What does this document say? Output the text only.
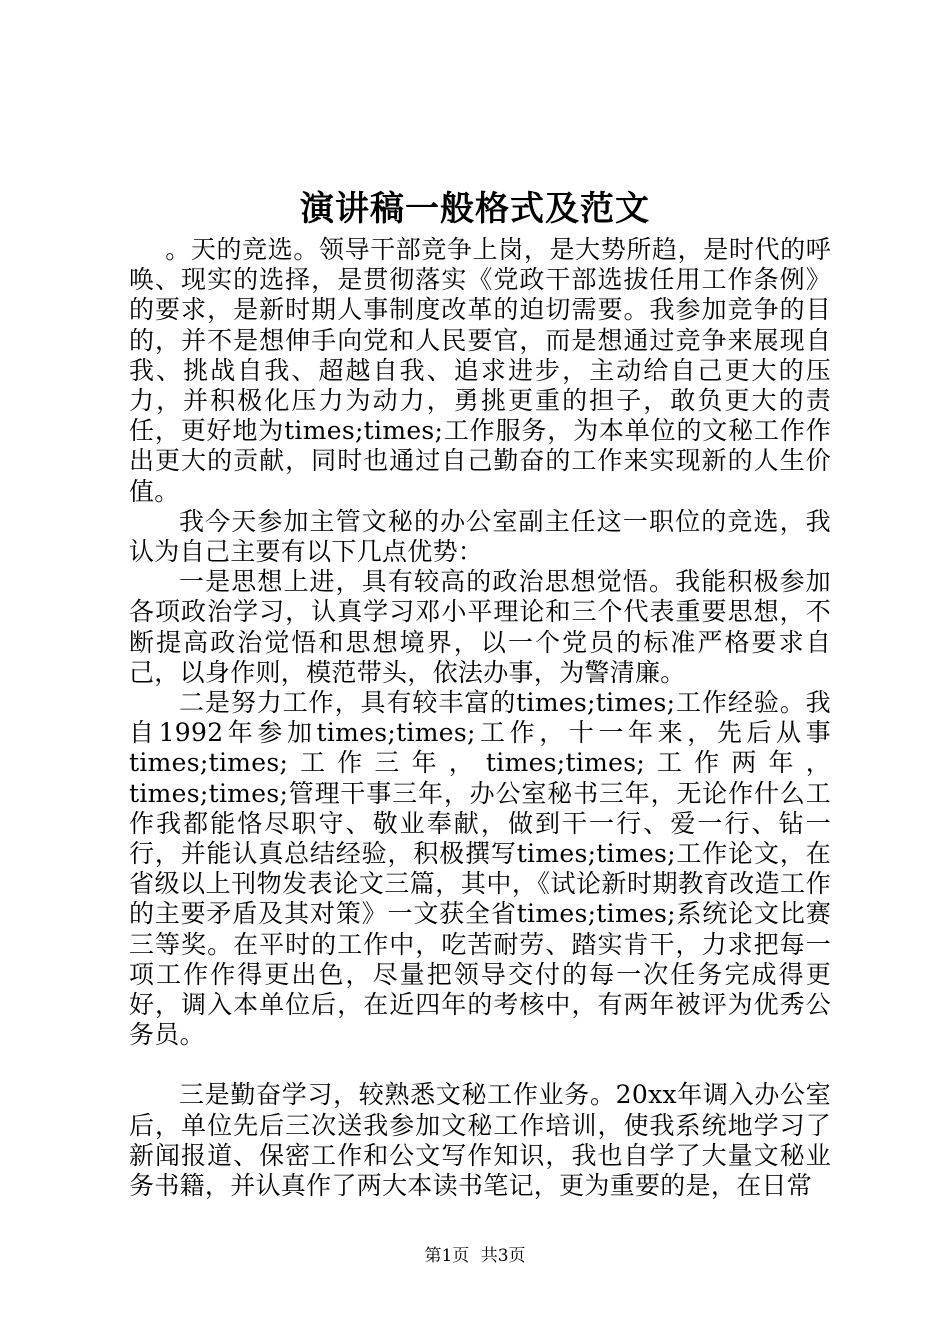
演讲稿一般格式及范文

。天的竞选。领导干部竞争上岗，是大势所趋，是时代的呼唤、现实的选择，是贯彻落实《党政干部选拔任用工作条例》的要求，是新时期人事制度改革的迫切需要。我参加竞争的目的，并不是想伸手向党和人民要官，而是想通过竞争来展现自我、挑战自我、超越自我、追求进步，主动给自己更大的压力，并积极化压力为动力，勇挑更重的担子，敢负更大的责任，更好地为times;times;工作服务，为本单位的文秘工作作出更大的贡献，同时也通过自己勤奋的工作来实现新的人生价值。

我今天参加主管文秘的办公室副主任这一职位的竞选，我认为自己主要有以下几点优势：

一是思想上进，具有较高的政治思想觉悟。我能积极参加各项政治学习，认真学习邓小平理论和三个代表重要思想，不断提高政治觉悟和思想境界，以一个党员的标准严格要求自己，以身作则，模范带头，依法办事，为警清廉。

二是努力工作，具有较丰富的times;times;工作经验。我自1992年参加times;times;工作，十一年来，先后从事times;times;工作三年，times;times;工作两年，times;times;管理干事三年，办公室秘书三年，无论作什么工作我都能恪尽职守、敬业奉献，做到干一行、爱一行、钻一行，并能认真总结经验，积极撰写times;times;工作论文，在省级以上刊物发表论文三篇，其中，《试论新时期教育改造工作的主要矛盾及其对策》一文获全省times;times;系统论文比赛三等奖。在平时的工作中，吃苦耐劳、踏实肯干，力求把每一项工作作得更出色，尽量把领导交付的每一次任务完成得更好，调入本单位后，在近四年的考核中，有两年被评为优秀公务员。

三是勤奋学习，较熟悉文秘工作业务。20xx年调入办公室后，单位先后三次送我参加文秘工作培训，使我系统地学习了新闻报道、保密工作和公文写作知识，我也自学了大量文秘业务书籍，并认真作了两大本读书笔记，更为重要的是，在日常

第1页 共3页
